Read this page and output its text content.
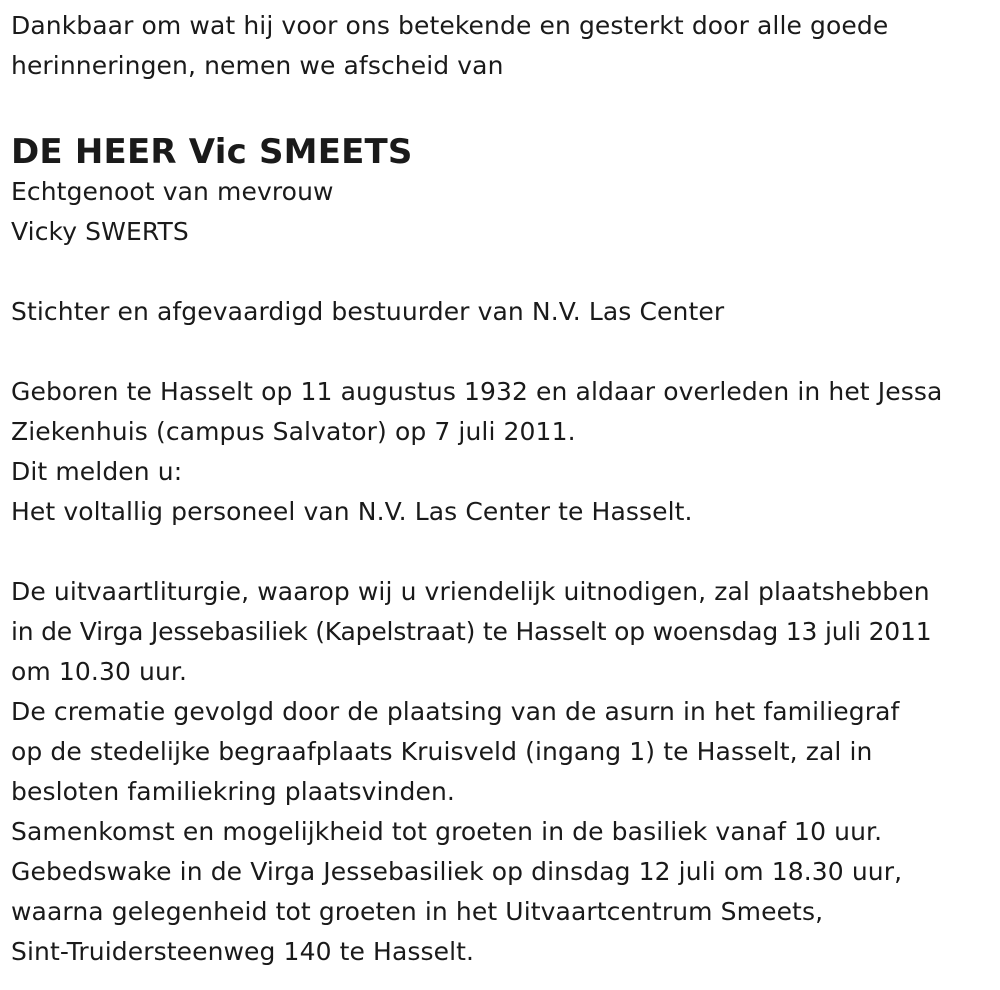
Dankbaar om wat hij voor ons betekende en gesterkt door alle goede
herinneringen, nemen we afscheid van
DE HEER Vic SMEETS
Echtgenoot van mevrouw
Vicky SWERTS
Stichter en afgevaardigd bestuurder van N.V. Las Center
Geboren te Hasselt op 11 augustus 1932 en aldaar overleden in het Jessa
Ziekenhuis (campus Salvator) op 7 juli 2011.
Dit melden u:
Het voltallig personeel van N.V. Las Center te Hasselt.
De uitvaartliturgie, waarop wij u vriendelijk uitnodigen, zal plaatshebben
in de Virga Jessebasiliek (Kapelstraat) te Hasselt op woensdag 13 juli 2011
om 10.30 uur.
De crematie gevolgd door de plaatsing van de asurn in het familiegraf
op de stedelijke begraafplaats Kruisveld (ingang 1) te Hasselt, zal in
besloten familiekring plaatsvinden.
Samenkomst en mogelijkheid tot groeten in de basiliek vanaf 10 uur.
Gebedswake in de Virga Jessebasiliek op dinsdag 12 juli om 18.30 uur,
waarna gelegenheid tot groeten in het Uitvaartcentrum Smeets,
Sint-Truidersteenweg 140 te Hasselt.
